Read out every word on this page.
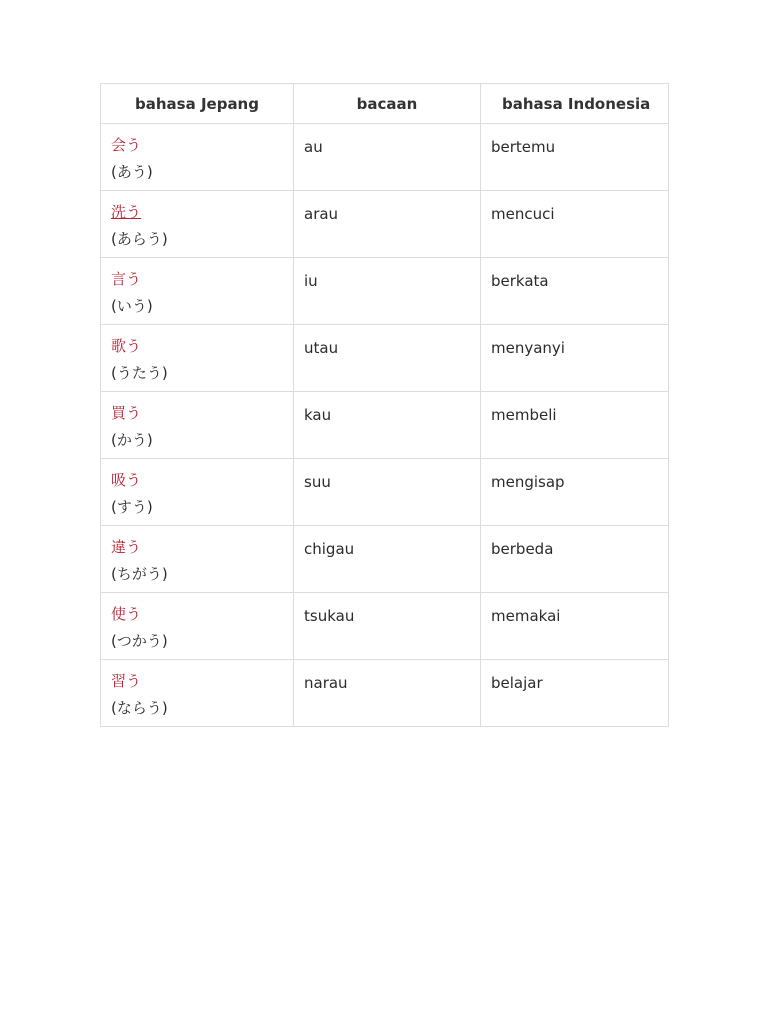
bahasa Jepang	bacaan	bahasa Indonesia

会う
(あう)	au	bertemu

洗う
(あらう)	arau	mencuci

言う
(いう)	iu	berkata

歌う
(うたう)	utau	menyanyi

買う
(かう)	kau	membeli

吸う
(すう)	suu	mengisap

違う
(ちがう)	chigau	berbeda

使う
(つかう)	tsukau	memakai

習う
(ならう)	narau	belajar
